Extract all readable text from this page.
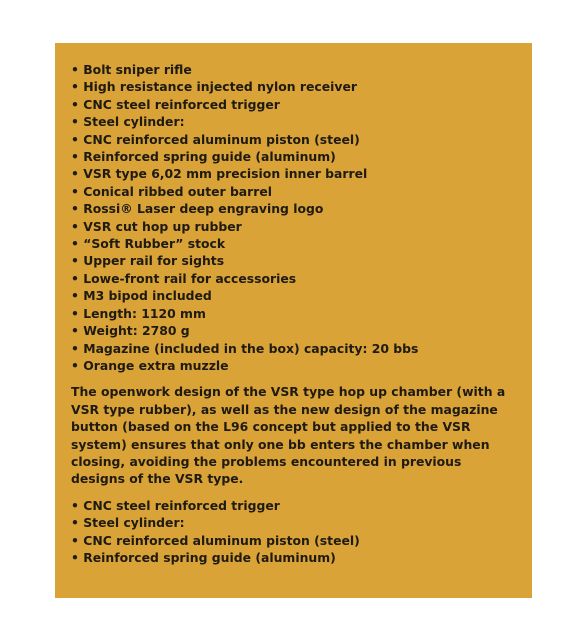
• Bolt sniper rifle
• High resistance injected nylon receiver
• CNC steel reinforced trigger
• Steel cylinder:
• CNC reinforced aluminum piston (steel)
• Reinforced spring guide (aluminum)
• VSR type 6,02 mm precision inner barrel
• Conical ribbed outer barrel
• Rossi® Laser deep engraving logo
• VSR cut hop up rubber
• “Soft Rubber” stock
• Upper rail for sights
• Lowe-front rail for accessories
• M3 bipod included
• Length: 1120 mm
• Weight: 2780 g
• Magazine (included in the box) capacity: 20 bbs
• Orange extra muzzle

The openwork design of the VSR type hop up chamber (with a VSR type rubber), as well as the new design of the magazine button (based on the L96 concept but applied to the VSR system) ensures that only one bb enters the chamber when closing, avoiding the problems encountered in previous designs of the VSR type.

• CNC steel reinforced trigger
• Steel cylinder:
• CNC reinforced aluminum piston (steel)
• Reinforced spring guide (aluminum)
